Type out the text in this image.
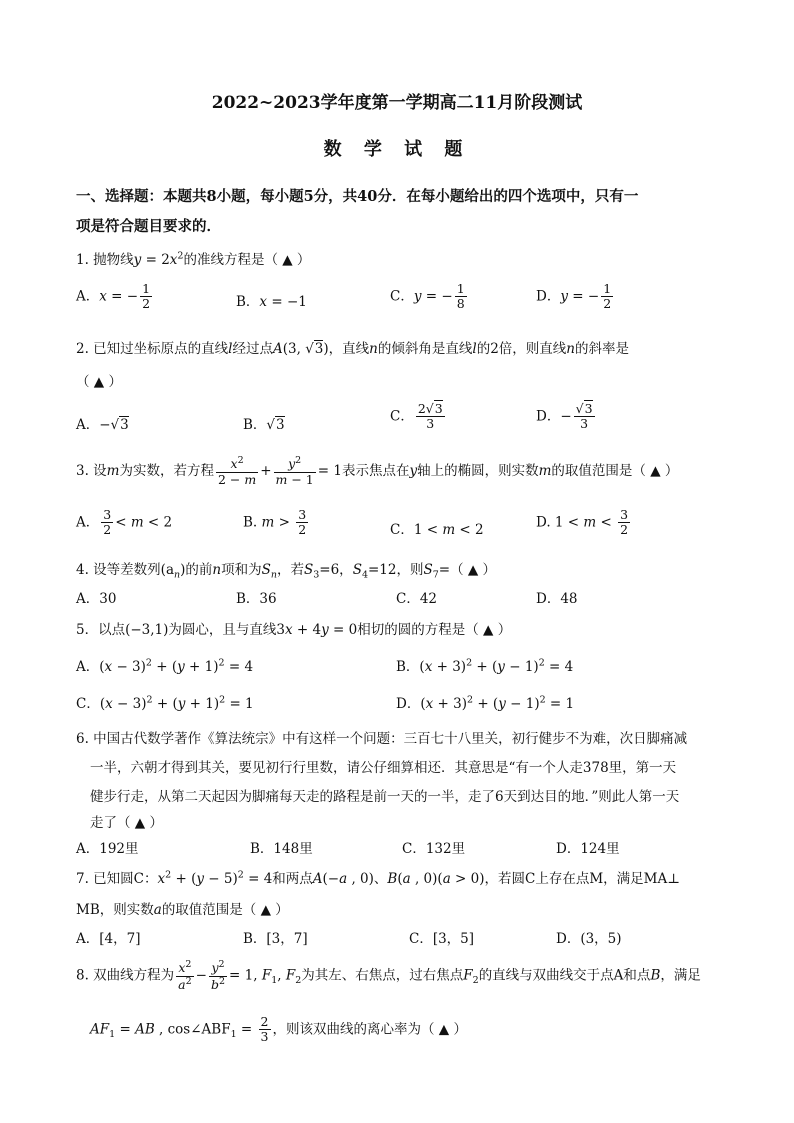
2022~2023学年度第一学期高二11月阶段测试
数 学 试 题
一、选择题：本题共8小题，每小题5分，共40分．在每小题给出的四个选项中，只有一
项是符合题目要求的．
1. 抛物线$y = 2x^2$的准线方程是（ ▲ ）
A．x = − $\frac{1}{2}$	B．x = −1	C．y = − $\frac{1}{8}$	D．y = − $\frac{1}{2}$
2. 已知过坐标原点的直线l经过点A(3, √3)，直线n的倾斜角是直线l的2倍，则直线n的斜率是
（ ▲ ）
A．−√3	B．√3
C． $\frac{2√3}{3}$	D．− $\frac{√3}{3}$
3. 设m为实数，若方程 $\frac{x^2}{2 - m} + \frac{y^2}{m - 1} = 1$表示焦点在y轴上的椭圆，则实数m的取值范围是（ ▲ ）
A． $\frac{3}{2} < m < 2$	B. $m > \frac{3}{2}$	C．1 < m < 2	D. $1 < m < \frac{3}{2}$
4. 设等差数列$(a_n)$的前n项和为$S_n$，若$S_3=6$，$S_4=12$，则$S_7=$（ ▲ ）
A．30	B．36	C．42	D．48
5．以点(−3,1)为圆心，且与直线3x + 4y = 0相切的圆的方程是（ ▲ ）
A．$(x - 3)^2 + (y + 1)^2 = 4$	B．$(x + 3)^2 + (y - 1)^2 = 4$
C．$(x - 3)^2 + (y + 1)^2 = 1$	D．$(x + 3)^2 + (y - 1)^2 = 1$
6. 中国古代数学著作《算法统宗》中有这样一个问题：三百七十八里关，初行健步不为难，次日脚痛减
一半，六朝才得到其关，要见初行行里数，请公仔细算相还．其意思是“有一个人走378里，第一天
健步行走，从第二天起因为脚痛每天走的路程是前一天的一半，走了6天到达目的地．”则此人第一天
走了（ ▲ ）
A．192里	B．148里	C．132里	D．124里
7. 已知圆C：$x^2 + (y - 5)^2 = 4$和两点A(−a , 0)、B(a , 0)(a > 0)，若圆C上存在点M，满足MA⊥
MB，则实数a的取值范围是（ ▲ ）
A．[4，7]	B．[3，7]	C．[3，5]	D．(3，5)
8. 双曲线方程为 $\frac{x^2}{a^2} - \frac{y^2}{b^2} = 1$, $F_1$, $F_2$为其左、右焦点，过右焦点$F_2$的直线与双曲线交于点A和点B，满足
$AF_1$ = AB , $\cos\angle ABF_1 = \frac{2}{3}$ ，则该双曲线的离心率为（ ▲ ）
